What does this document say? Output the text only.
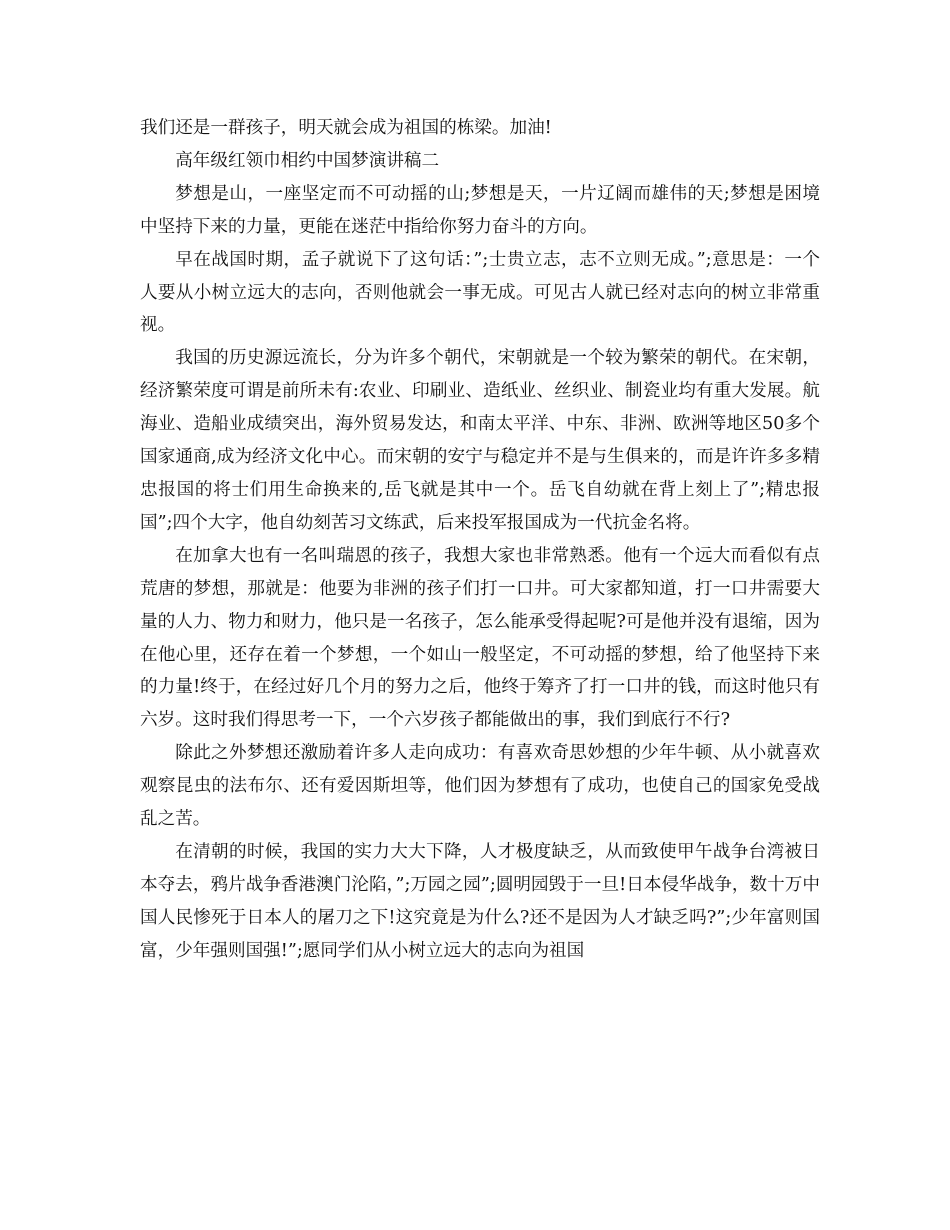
我们还是一群孩子，明天就会成为祖国的栋梁。加油!

高年级红领巾相约中国梦演讲稿二

梦想是山，一座坚定而不可动摇的山;梦想是天，一片辽阔而雄伟的天;梦想是困境中坚持下来的力量，更能在迷茫中指给你努力奋斗的方向。

早在战国时期，孟子就说下了这句话：”;士贵立志，志不立则无成。”;意思是：一个人要从小树立远大的志向，否则他就会一事无成。可见古人就已经对志向的树立非常重视。

我国的历史源远流长，分为许多个朝代，宋朝就是一个较为繁荣的朝代。在宋朝，经济繁荣度可谓是前所未有:农业、印刷业、造纸业、丝织业、制瓷业均有重大发展。航海业、造船业成绩突出，海外贸易发达，和南太平洋、中东、非洲、欧洲等地区50多个国家通商,成为经济文化中心。而宋朝的安宁与稳定并不是与生俱来的，而是许许多多精忠报国的将士们用生命换来的,岳飞就是其中一个。岳飞自幼就在背上刻上了”;精忠报国”;四个大字，他自幼刻苦习文练武，后来投军报国成为一代抗金名将。

在加拿大也有一名叫瑞恩的孩子，我想大家也非常熟悉。他有一个远大而看似有点荒唐的梦想，那就是：他要为非洲的孩子们打一口井。可大家都知道，打一口井需要大量的人力、物力和财力，他只是一名孩子，怎么能承受得起呢?可是他并没有退缩，因为在他心里，还存在着一个梦想，一个如山一般坚定，不可动摇的梦想，给了他坚持下来的力量!终于，在经过好几个月的努力之后，他终于筹齐了打一口井的钱，而这时他只有六岁。这时我们得思考一下，一个六岁孩子都能做出的事，我们到底行不行?

除此之外梦想还激励着许多人走向成功：有喜欢奇思妙想的少年牛顿、从小就喜欢观察昆虫的法布尔、还有爱因斯坦等，他们因为梦想有了成功，也使自己的国家免受战乱之苦。

在清朝的时候，我国的实力大大下降，人才极度缺乏，从而致使甲午战争台湾被日本夺去，鸦片战争香港澳门沦陷，”;万园之园”;圆明园毁于一旦!日本侵华战争，数十万中国人民惨死于日本人的屠刀之下!这究竟是为什么?还不是因为人才缺乏吗?”;少年富则国富，少年强则国强!”;愿同学们从小树立远大的志向为祖国
